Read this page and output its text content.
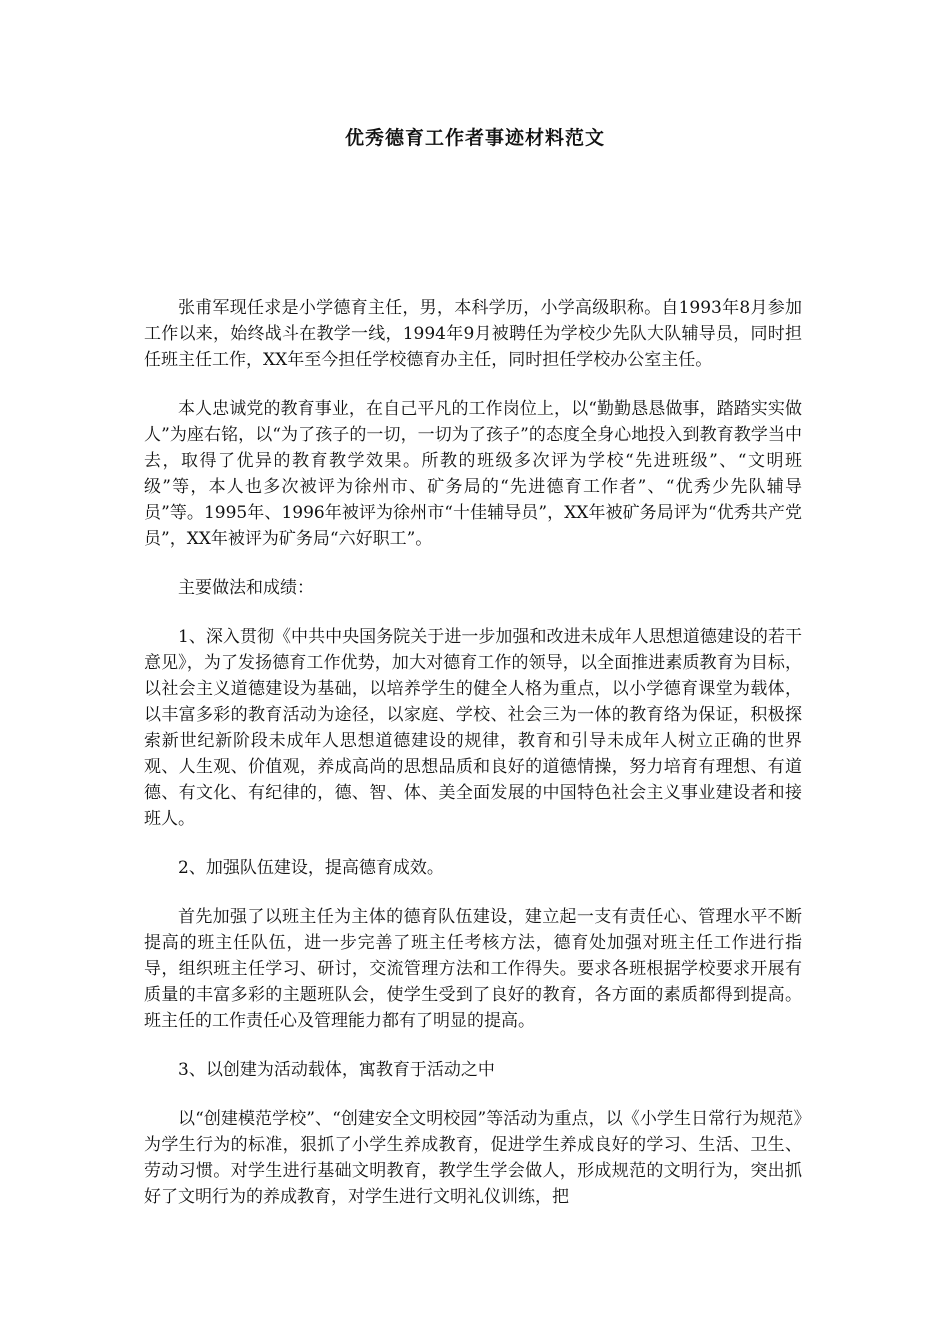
优秀德育工作者事迹材料范文

张甫军现任求是小学德育主任，男，本科学历，小学高级职称。自1993年8月参加工作以来，始终战斗在教学一线，1994年9月被聘任为学校少先队大队辅导员，同时担任班主任工作，XX年至今担任学校德育办主任，同时担任学校办公室主任。

本人忠诚党的教育事业，在自己平凡的工作岗位上，以“勤勤恳恳做事，踏踏实实做人”为座右铭，以“为了孩子的一切，一切为了孩子”的态度全身心地投入到教育教学当中去，取得了优异的教育教学效果。所教的班级多次评为学校“先进班级”、“文明班级”等，本人也多次被评为徐州市、矿务局的“先进德育工作者”、“优秀少先队辅导员”等。1995年、1996年被评为徐州市“十佳辅导员”，XX年被矿务局评为“优秀共产党员”，XX年被评为矿务局“六好职工”。

主要做法和成绩：

1、深入贯彻《中共中央国务院关于进一步加强和改进未成年人思想道德建设的若干意见》，为了发扬德育工作优势，加大对德育工作的领导，以全面推进素质教育为目标，以社会主义道德建设为基础，以培养学生的健全人格为重点，以小学德育课堂为载体，以丰富多彩的教育活动为途径，以家庭、学校、社会三为一体的教育络为保证，积极探索新世纪新阶段未成年人思想道德建设的规律，教育和引导未成年人树立正确的世界观、人生观、价值观，养成高尚的思想品质和良好的道德情操，努力培育有理想、有道德、有文化、有纪律的，德、智、体、美全面发展的中国特色社会主义事业建设者和接班人。

2、加强队伍建设，提高德育成效。

首先加强了以班主任为主体的德育队伍建设，建立起一支有责任心、管理水平不断提高的班主任队伍，进一步完善了班主任考核方法，德育处加强对班主任工作进行指导，组织班主任学习、研讨，交流管理方法和工作得失。要求各班根据学校要求开展有质量的丰富多彩的主题班队会，使学生受到了良好的教育，各方面的素质都得到提高。班主任的工作责任心及管理能力都有了明显的提高。

3、以创建为活动载体，寓教育于活动之中

以“创建模范学校”、“创建安全文明校园”等活动为重点，以《小学生日常行为规范》为学生行为的标准，狠抓了小学生养成教育，促进学生养成良好的学习、生活、卫生、劳动习惯。对学生进行基础文明教育，教学生学会做人，形成规范的文明行为，突出抓好了文明行为的养成教育，对学生进行文明礼仪训练，把
